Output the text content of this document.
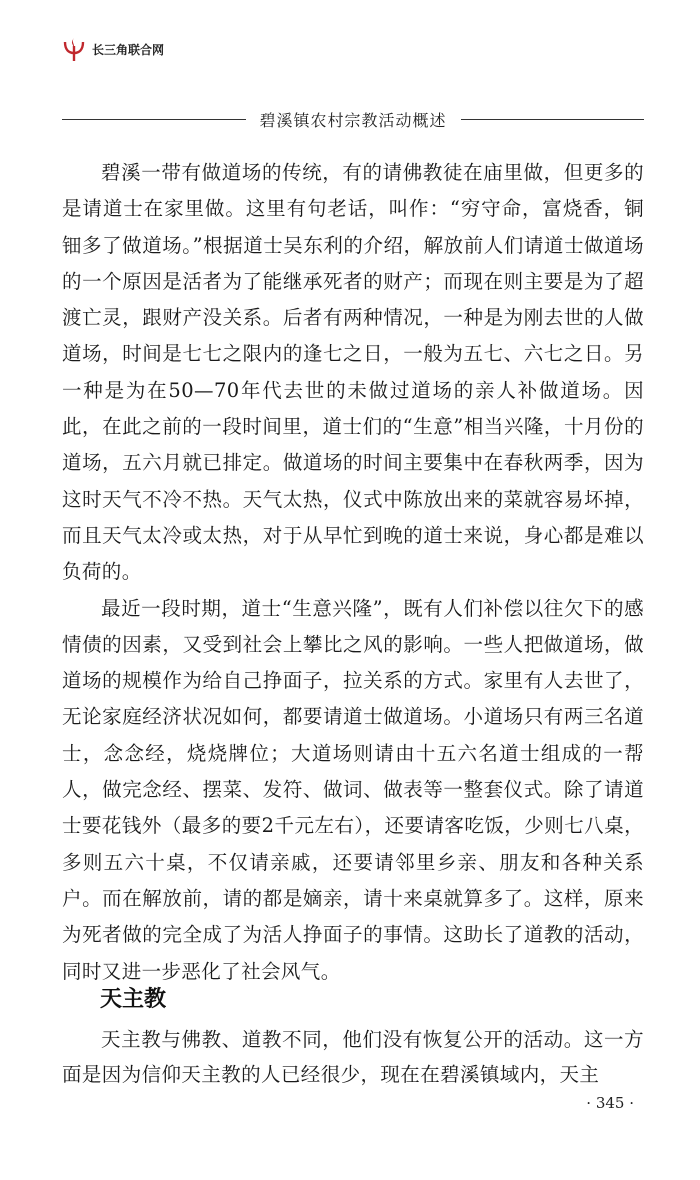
长三角联合网
碧溪镇农村宗教活动概述

碧溪一带有做道场的传统，有的请佛教徒在庙里做，但更多的是请道士在家里做。这里有句老话，叫作：“穷守命，富烧香，铜钿多了做道场。”根据道士吴东利的介绍，解放前人们请道士做道场的一个原因是活者为了能继承死者的财产；而现在则主要是为了超渡亡灵，跟财产没关系。后者有两种情况，一种是为刚去世的人做道场，时间是七七之限内的逢七之日，一般为五七、六七之日。另一种是为在50—70年代去世的未做过道场的亲人补做道场。因此，在此之前的一段时间里，道士们的“生意”相当兴隆，十月份的道场，五六月就已排定。做道场的时间主要集中在春秋两季，因为这时天气不冷不热。天气太热，仪式中陈放出来的菜就容易坏掉，而且天气太冷或太热，对于从早忙到晚的道士来说，身心都是难以负荷的。

最近一段时期，道士“生意兴隆”，既有人们补偿以往欠下的感情债的因素，又受到社会上攀比之风的影响。一些人把做道场，做道场的规模作为给自己挣面子，拉关系的方式。家里有人去世了，无论家庭经济状况如何，都要请道士做道场。小道场只有两三名道士，念念经，烧烧牌位；大道场则请由十五六名道士组成的一帮人，做完念经、摆菜、发符、做词、做表等一整套仪式。除了请道士要花钱外（最多的要2千元左右），还要请客吃饭，少则七八桌，多则五六十桌，不仅请亲戚，还要请邻里乡亲、朋友和各种关系户。而在解放前，请的都是嫡亲，请十来桌就算多了。这样，原来为死者做的完全成了为活人挣面子的事情。这助长了道教的活动，同时又进一步恶化了社会风气。

天主教

天主教与佛教、道教不同，他们没有恢复公开的活动。这一方面是因为信仰天主教的人已经很少，现在在碧溪镇域内，天主

· 345 ·
